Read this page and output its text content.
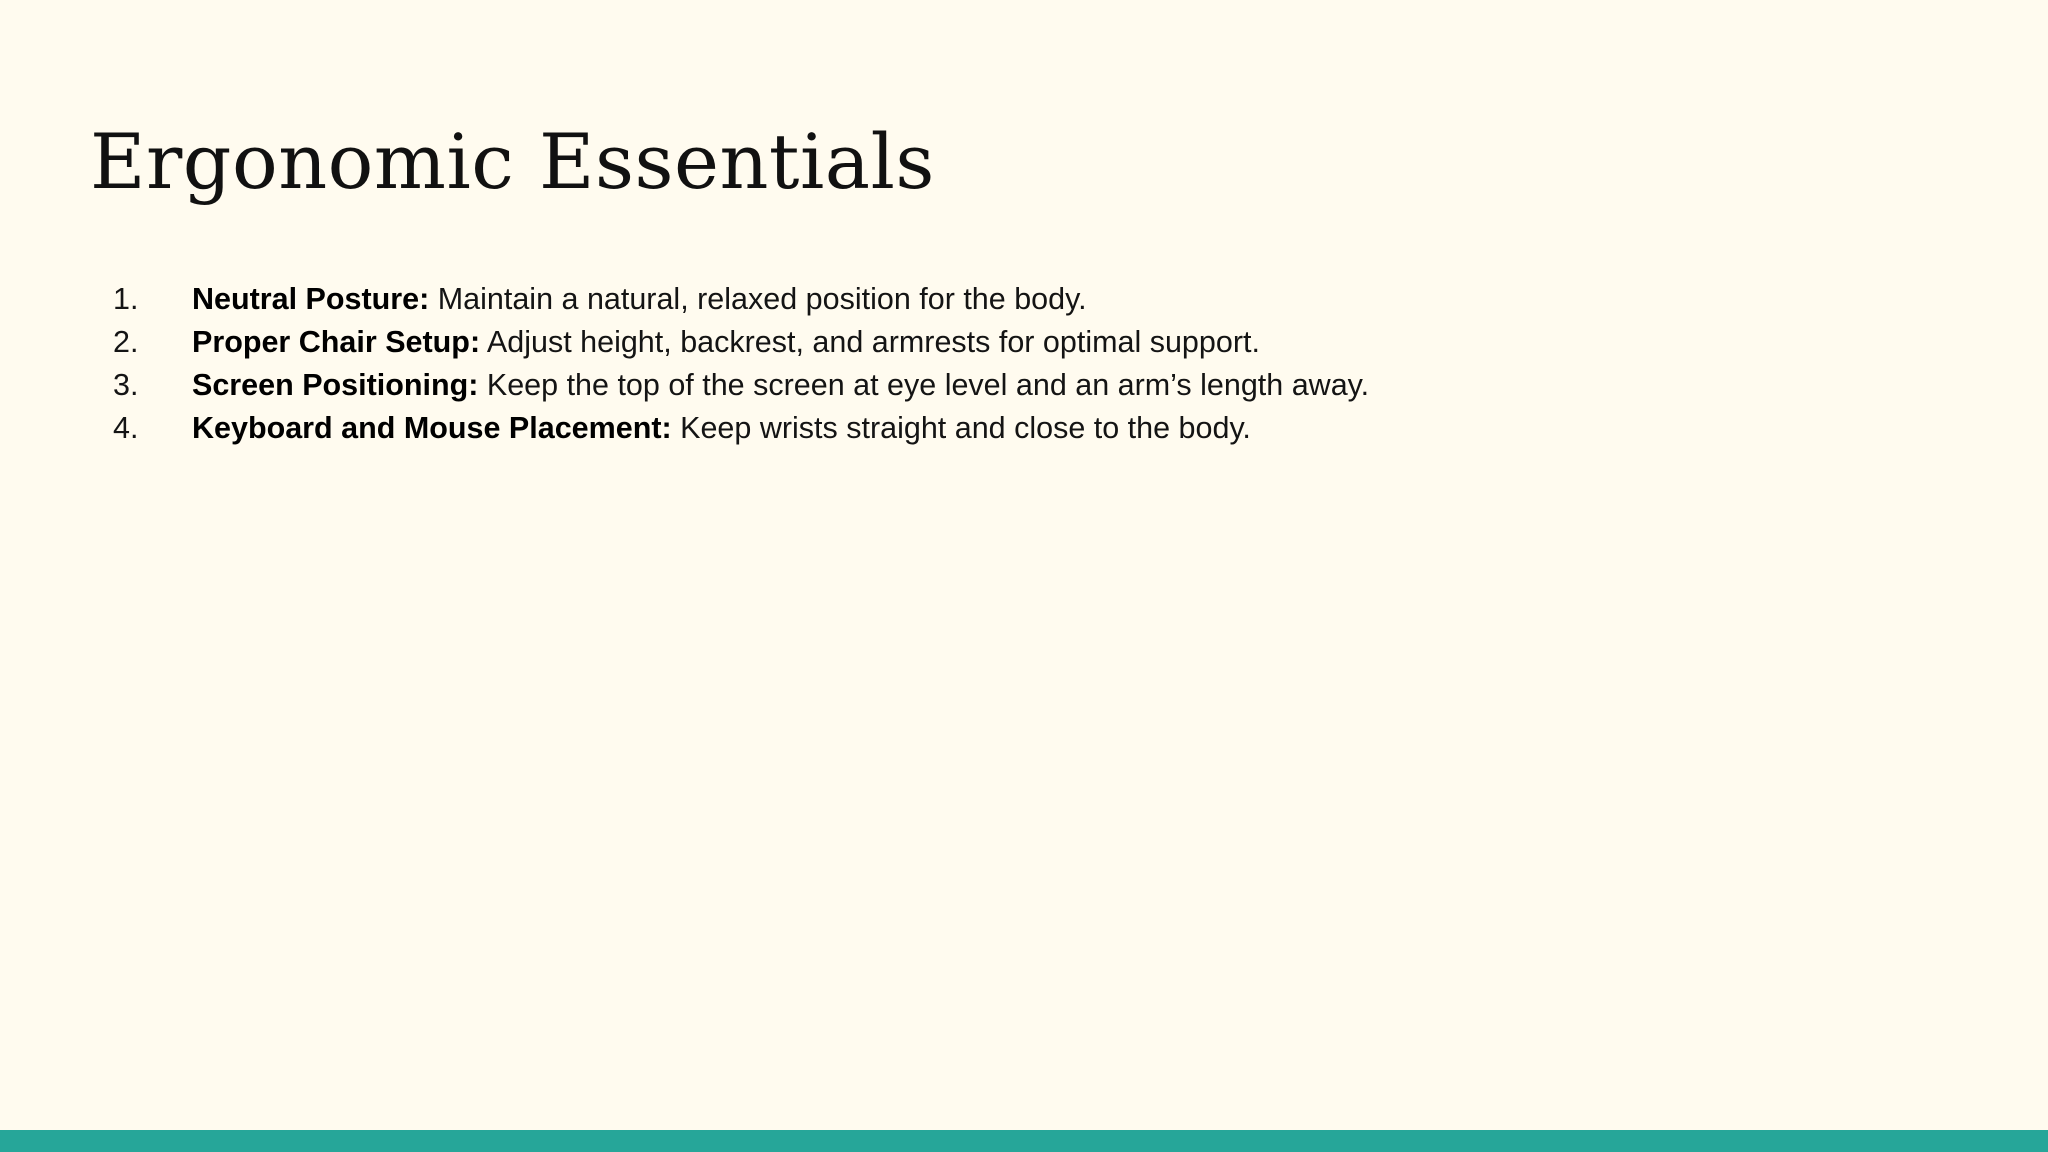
Ergonomic Essentials
1. Neutral Posture: Maintain a natural, relaxed position for the body.
2. Proper Chair Setup: Adjust height, backrest, and armrests for optimal support.
3. Screen Positioning: Keep the top of the screen at eye level and an arm’s length away.
4. Keyboard and Mouse Placement: Keep wrists straight and close to the body.
